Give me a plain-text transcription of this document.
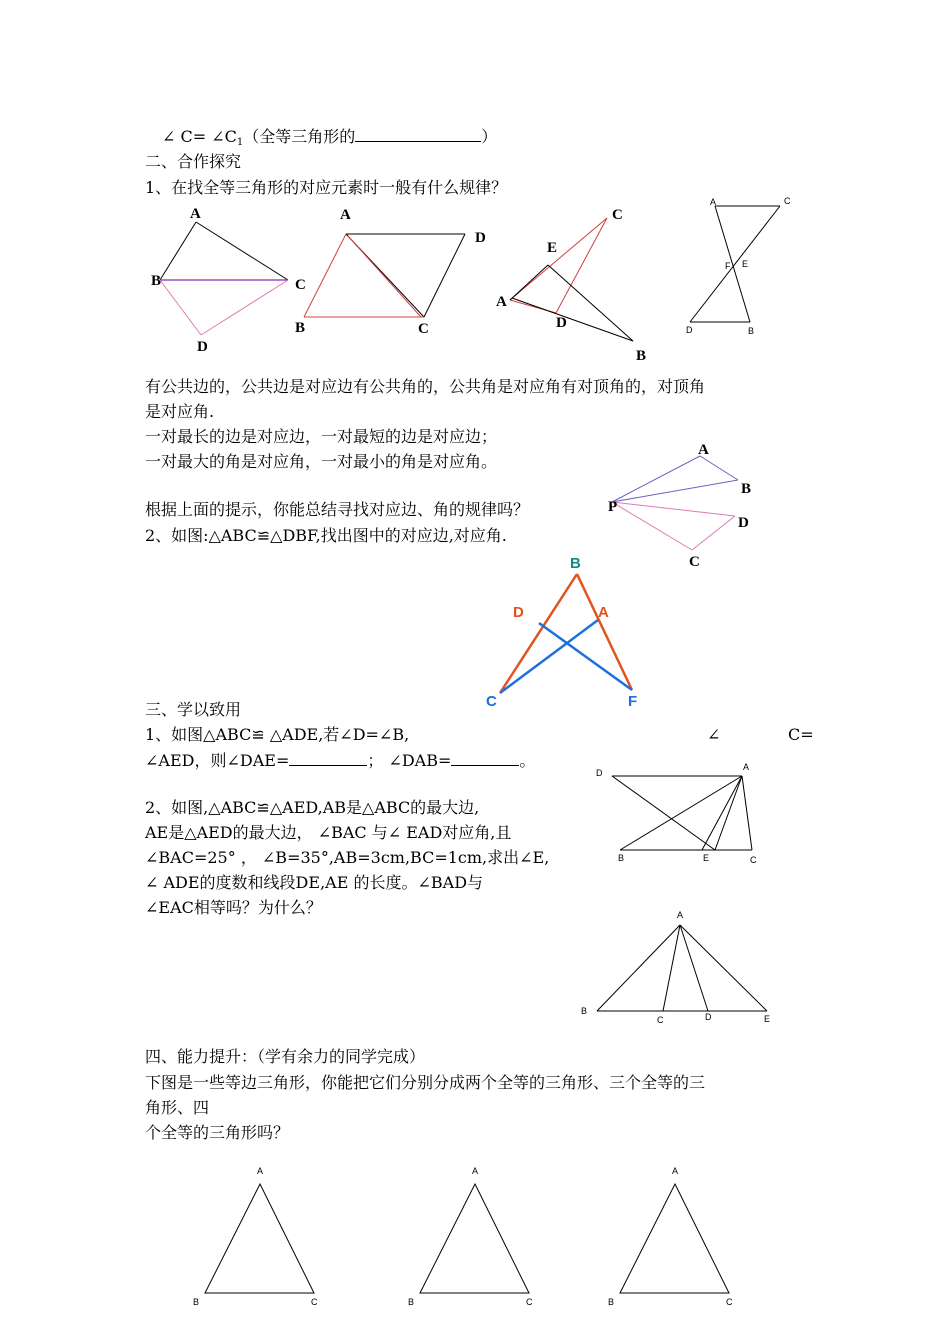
∠ $C= \angle C_1$（全等三角形的	）
二、合作探究
1、在找全等三角形的对应元素时一般有什么规律？
A
B	C
D
A
D
B	C
C
E
A
D
B
A	C
F E
D	B
有公共边的，公共边是对应边有公共角的，公共角是对应角有对顶角的，对顶角
是对应角.
一对最长的边是对应边，一对最短的边是对应边；
一对最大的角是对应角，一对最小的角是对应角。
根据上面的提示，你能总结寻找对应边、角的规律吗？
2、如图:△ABC≌△DBF,找出图中的对应边,对应角.
A
B
P
D
C
B
D	A
C	F
三、学以致用
1、如图△ABC≌ △ADE,若∠D=∠B,	∠	C=
∠AED，则∠DAE=	； ∠DAB=	。
D
A
B	E	C
2、如图,△ABC≌△AED,AB是△ABC的最大边,
AE是△AED的最大边， ∠BAC 与∠ EAD对应角,且
∠BAC=25° ， ∠B=35°,AB=3cm,BC=1cm,求出∠E,
∠ ADE的度数和线段DE,AE 的长度。∠BAD与
∠EAC相等吗？为什么？	A
B
C	D	E
四、能力提升：（学有余力的同学完成）
下图是一些等边三角形，你能把它们分别分成两个全等的三角形、三个全等的三
角形、四
个全等的三角形吗？
A
B	C
A
B	C
A
B	C
